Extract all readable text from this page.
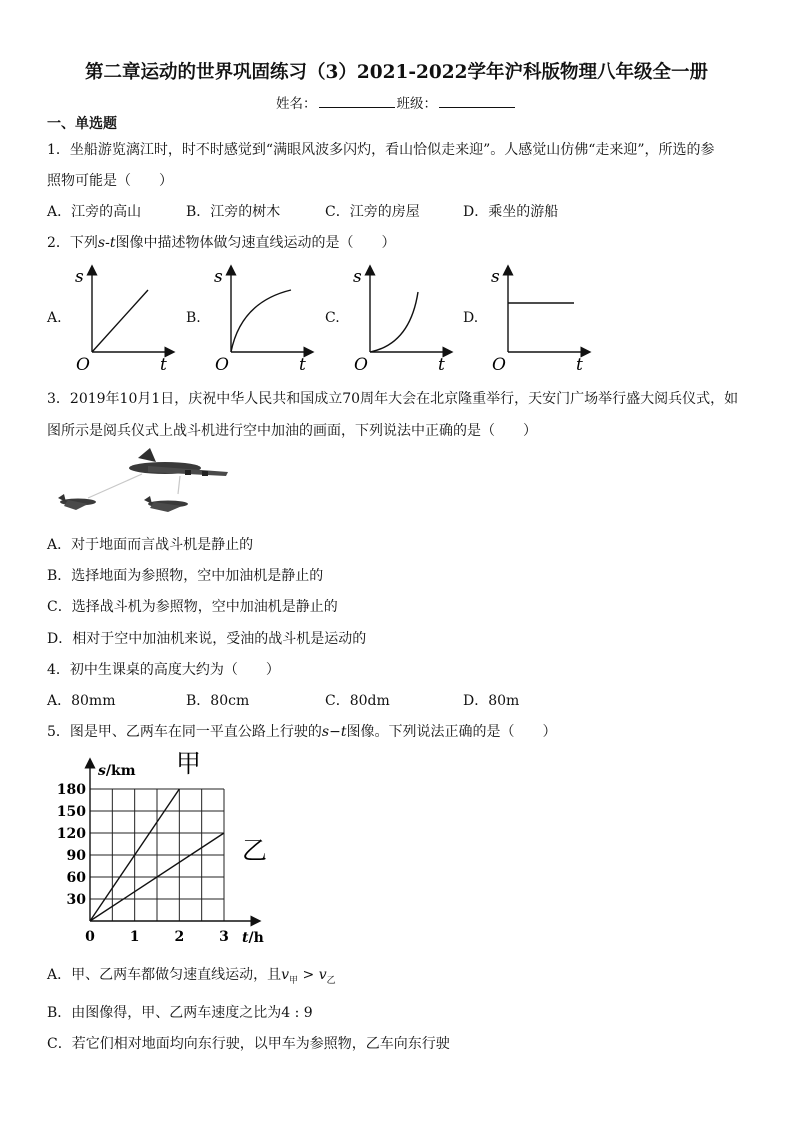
第二章运动的世界巩固练习（3）2021-2022学年沪科版物理八年级全一册
姓名：	班级：
一、单选题
1．坐船游览漓江时，时不时感觉到“满眼风波多闪灼，看山恰似走来迎”。人感觉山仿佛“走来迎”，所选的参
照物可能是（　　）
A．江旁的高山	B．江旁的树木	C．江旁的房屋	D．乘坐的游船
2．下列s-t图像中描述物体做匀速直线运动的是（　　）
A.	B.	C.	D.
s
t
O
s
t
O
s
t
O
s
t
O
3．2019年10月1日，庆祝中华人民共和国成立70周年大会在北京隆重举行，天安门广场举行盛大阅兵仪式，如
图所示是阅兵仪式上战斗机进行空中加油的画面，下列说法中正确的是（　　）
A．对于地面而言战斗机是静止的
B．选择地面为参照物，空中加油机是静止的
C．选择战斗机为参照物，空中加油机是静止的
D．相对于空中加油机来说，受油的战斗机是运动的
4．初中生课桌的高度大约为（　　）
A．80mm	B．80cm	C．80dm	D．80m
5．图是甲、乙两车在同一平直公路上行驶的s−t图像。下列说法正确的是（　　）
180
150
120
90
60
30
0 1 2 3
s/km
t/h
甲
乙
A．甲、乙两车都做匀速直线运动，且$v_甲 > v_乙$
B．由图像得，甲、乙两车速度之比为4 : 9
C．若它们相对地面均向东行驶，以甲车为参照物，乙车向东行驶
